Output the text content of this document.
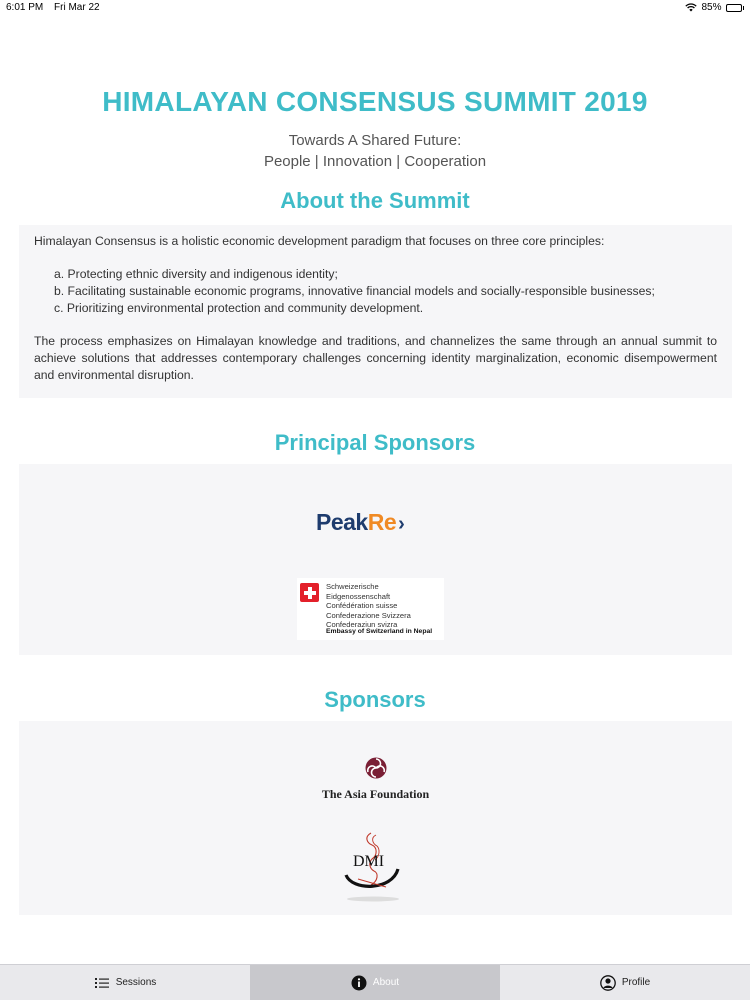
6:01 PM Fri Mar 22	85%
HIMALAYAN CONSENSUS SUMMIT 2019
Towards A Shared Future:
People | Innovation | Cooperation
About the Summit

Himalayan Consensus is a holistic economic development paradigm that focuses on three core principles:

a. Protecting ethnic diversity and indigenous identity;
b. Facilitating sustainable economic programs, innovative financial models and socially-responsible businesses;
c. Prioritizing environmental protection and community development.

The process emphasizes on Himalayan knowledge and traditions, and channelizes the same through an annual summit to achieve solutions that addresses contemporary challenges concerning identity marginalization, economic disempowerment and environmental disruption.

Principal Sponsors
PeakRe ›
Schweizerische Eidgenossenschaft
Confédération suisse
Confederazione Svizzera
Confederaziun svizra
Embassy of Switzerland in Nepal
Sponsors
The Asia Foundation
DMI
Sessions	About	Profile
